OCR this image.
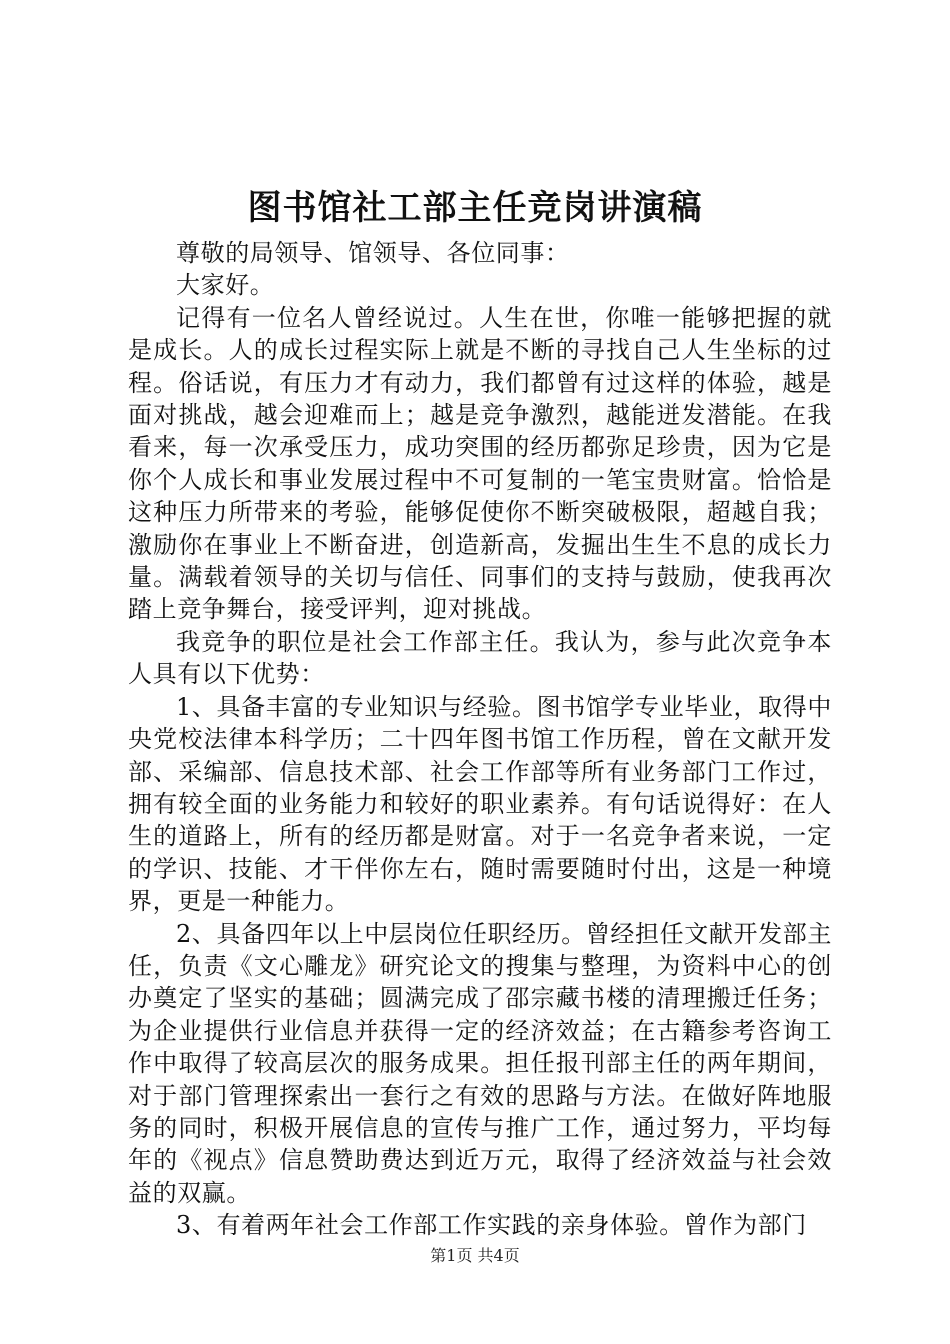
图书馆社工部主任竞岗讲演稿

尊敬的局领导、馆领导、各位同事：

大家好。

记得有一位名人曾经说过。人生在世，你唯一能够把握的就是成长。人的成长过程实际上就是不断的寻找自己人生坐标的过程。俗话说，有压力才有动力，我们都曾有过这样的体验，越是面对挑战，越会迎难而上；越是竞争激烈，越能迸发潜能。在我看来，每一次承受压力，成功突围的经历都弥足珍贵，因为它是你个人成长和事业发展过程中不可复制的一笔宝贵财富。恰恰是这种压力所带来的考验，能够促使你不断突破极限，超越自我；激励你在事业上不断奋进，创造新高，发掘出生生不息的成长力量。满载着领导的关切与信任、同事们的支持与鼓励，使我再次踏上竞争舞台，接受评判，迎对挑战。

我竞争的职位是社会工作部主任。我认为，参与此次竞争本人具有以下优势：

1、具备丰富的专业知识与经验。图书馆学专业毕业，取得中央党校法律本科学历；二十四年图书馆工作历程，曾在文献开发部、采编部、信息技术部、社会工作部等所有业务部门工作过，拥有较全面的业务能力和较好的职业素养。有句话说得好：在人生的道路上，所有的经历都是财富。对于一名竞争者来说，一定的学识、技能、才干伴你左右，随时需要随时付出，这是一种境界，更是一种能力。

2、具备四年以上中层岗位任职经历。曾经担任文献开发部主任，负责《文心雕龙》研究论文的搜集与整理，为资料中心的创办奠定了坚实的基础；圆满完成了邵宗藏书楼的清理搬迁任务；为企业提供行业信息并获得一定的经济效益；在古籍参考咨询工作中取得了较高层次的服务成果。担任报刊部主任的两年期间，对于部门管理探索出一套行之有效的思路与方法。在做好阵地服务的同时，积极开展信息的宣传与推广工作，通过努力，平均每年的《视点》信息赞助费达到近万元，取得了经济效益与社会效益的双赢。

3、有着两年社会工作部工作实践的亲身体验。曾作为部门

第1页 共4页
